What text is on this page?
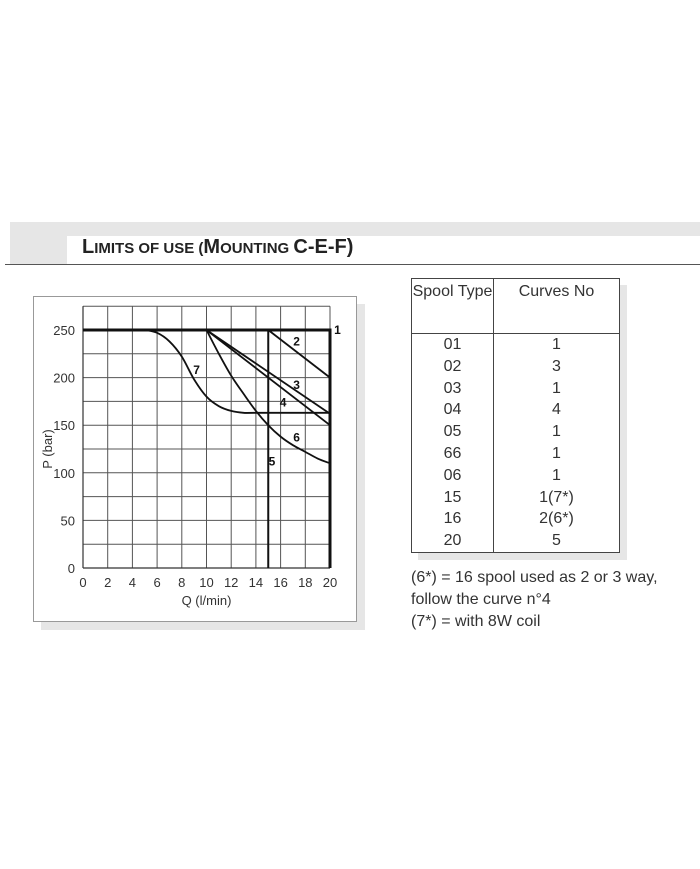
LIMITS OF USE (MOUNTING C-E-F)
0 2 4 6 8 10 12 14 16 18 20
0
50
100
150
200
250
Q (l/min)
P (bar)
1
2
3
4
5
6
7
Spool Type	Curves No
01	1
02	3
03	1
04	4
05	1
66	1
06	1
15	1(7*)
16	2(6*)
20	5
(6*) = 16 spool used as 2 or 3 way,
follow the curve n°4
(7*) = with 8W coil
